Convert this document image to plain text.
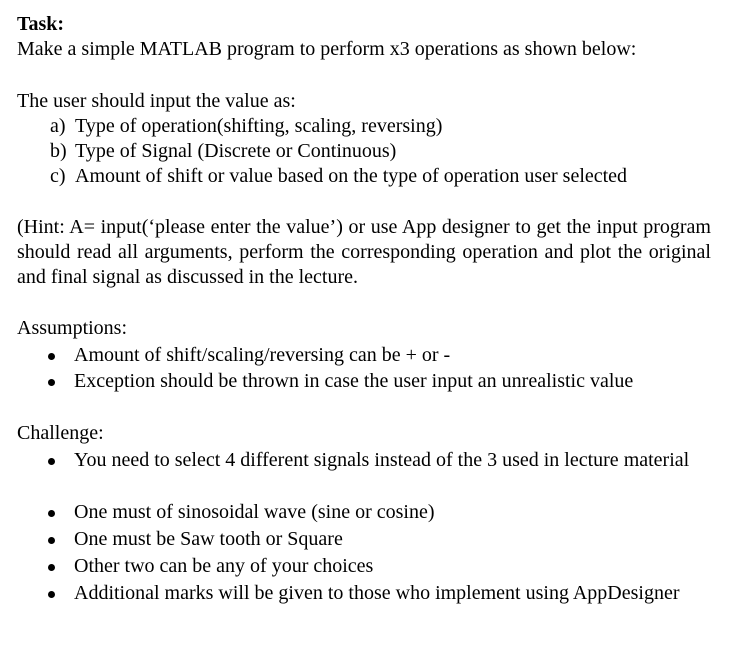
Task:
Make a simple MATLAB program to perform x3 operations as shown below:
The user should input the value as:
a) Type of operation(shifting, scaling, reversing)
b) Type of Signal (Discrete or Continuous)
c) Amount of shift or value based on the type of operation user selected
(Hint: A= input(‘please enter the value’) or use App designer to get the input program should read all arguments, perform the corresponding operation and plot the original and final signal as discussed in the lecture.
Assumptions:
Amount of shift/scaling/reversing can be + or -
Exception should be thrown in case the user input an unrealistic value
Challenge:
You need to select 4 different signals instead of the 3 used in lecture material
One must of sinosoidal wave (sine or cosine)
One must be Saw tooth or Square
Other two can be any of your choices
Additional marks will be given to those who implement using AppDesigner
